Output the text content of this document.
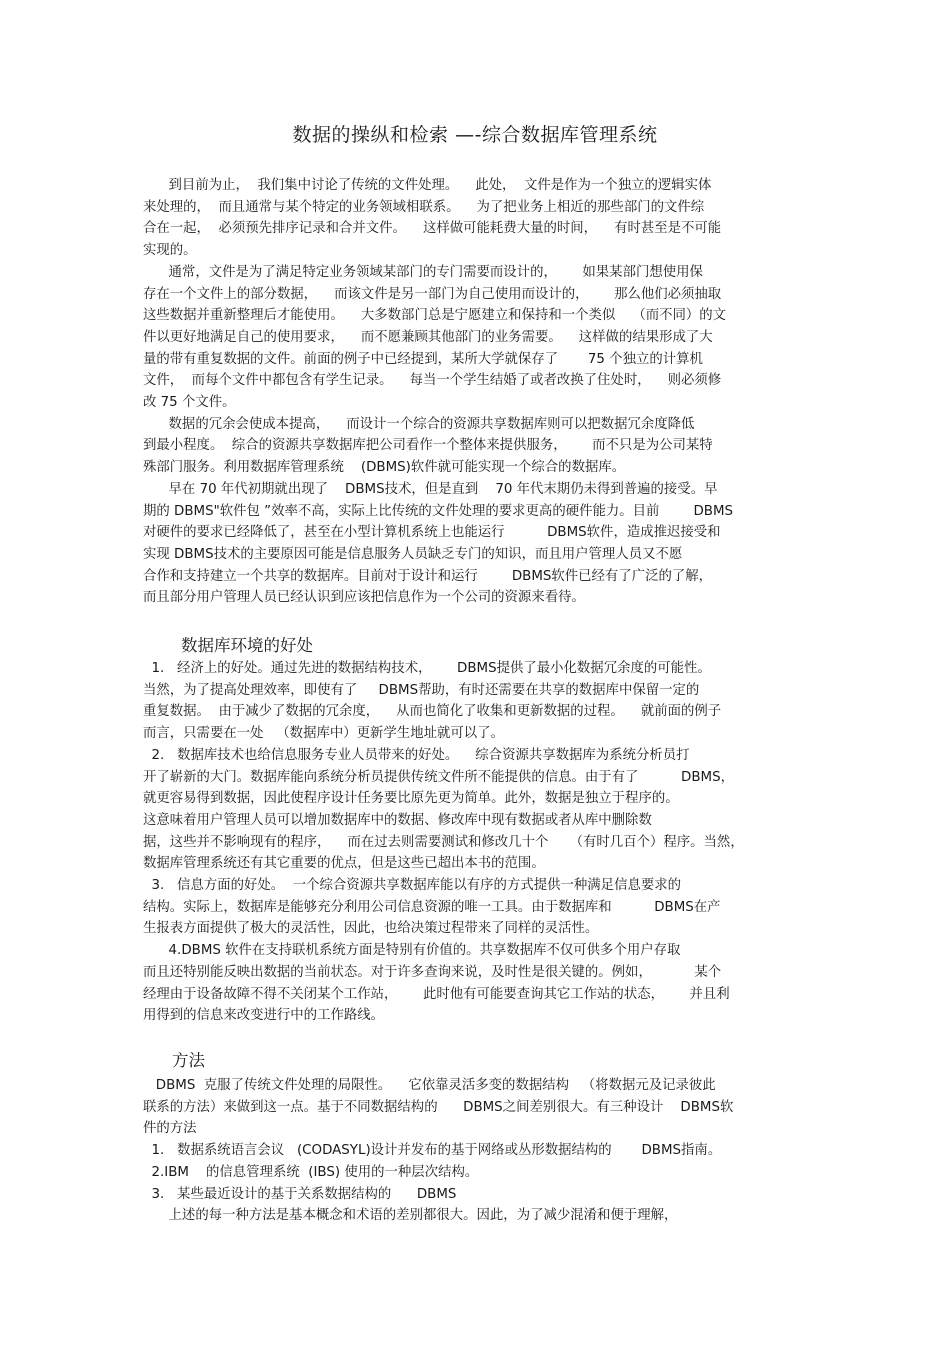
数据的操纵和检索 —-综合数据库管理系统
到目前为止，  我们集中讨论了传统的文件处理。    此处，  文件是作为一个独立的逻辑实体
来处理的，  而且通常与某个特定的业务领域相联系。    为了把业务上相近的那些部门的文件综
合在一起，  必须预先排序记录和合并文件。    这样做可能耗费大量的时间，    有时甚至是不可能
实现的。
通常，文件是为了满足特定业务领域某部门的专门需要而设计的，      如果某部门想使用保
存在一个文件上的部分数据，    而该文件是另一部门为自己使用而设计的，      那么他们必须抽取
这些数据并重新整理后才能使用。    大多数部门总是宁愿建立和保持和一个类似    （而不同）的文
件以更好地满足自己的使用要求，    而不愿兼顾其他部门的业务需要。    这样做的结果形成了大
量的带有重复数据的文件。前面的例子中已经提到，某所大学就保存了       75 个独立的计算机
文件，  而每个文件中都包含有学生记录。    每当一个学生结婚了或者改换了住处时，    则必须修
改 75 个文件。
数据的冗余会使成本提高，    而设计一个综合的资源共享数据库则可以把数据冗余度降低
到最小程度。  综合的资源共享数据库把公司看作一个整体来提供服务，      而不只是为公司某特
殊部门服务。利用数据库管理系统    (DBMS)软件就可能实现一个综合的数据库。
早在 70 年代初期就出现了    DBMS技术，但是直到    70 年代末期仍未得到普遍的接受。早
期的 DBMS"软件包 ”效率不高，实际上比传统的文件处理的要求更高的硬件能力。目前        DBMS
对硬件的要求已经降低了，甚至在小型计算机系统上也能运行          DBMS软件，造成推迟接受和
实现 DBMS技术的主要原因可能是信息服务人员缺乏专门的知识，而且用户管理人员又不愿
合作和支持建立一个共享的数据库。目前对于设计和运行        DBMS软件已经有了广泛的了解，
而且部分用户管理人员已经认识到应该把信息作为一个公司的资源来看待。
数据库环境的好处
1.   经济上的好处。通过先进的数据结构技术，      DBMS提供了最小化数据冗余度的可能性。
当然，为了提高处理效率，即使有了     DBMS帮助，有时还需要在共享的数据库中保留一定的
重复数据。  由于减少了数据的冗余度，    从而也简化了收集和更新数据的过程。    就前面的例子
而言，只需要在一处   （数据库中）更新学生地址就可以了。
2.   数据库技术也给信息服务专业人员带来的好处。    综合资源共享数据库为系统分析员打
开了崭新的大门。数据库能向系统分析员提供传统文件所不能提供的信息。由于有了          DBMS，
就更容易得到数据，因此使程序设计任务要比原先更为简单。此外，数据是独立于程序的。
这意味着用户管理人员可以增加数据库中的数据、修改库中现有数据或者从库中删除数
据，这些并不影响现有的程序，    而在过去则需要测试和修改几十个     （有时几百个）程序。当然，
数据库管理系统还有其它重要的优点，但是这些已超出本书的范围。
3.   信息方面的好处。  一个综合资源共享数据库能以有序的方式提供一种满足信息要求的
结构。实际上，数据库是能够充分利用公司信息资源的唯一工具。由于数据库和          DBMS在产
生报表方面提供了极大的灵活性，因此，也给决策过程带来了同样的灵活性。
4.DBMS 软件在支持联机系统方面是特别有价值的。共享数据库不仅可供多个用户存取
而且还特别能反映出数据的当前状态。对于许多查询来说，及时性是很关键的。例如，          某个
经理由于设备故障不得不关闭某个工作站，      此时他有可能要查询其它工作站的状态，      并且利
用得到的信息来改变进行中的工作路线。
方法
DBMS  克服了传统文件处理的局限性。    它依靠灵活多变的数据结构   （将数据元及记录彼此
联系的方法）来做到这一点。基于不同数据结构的      DBMS之间差别很大。有三种设计    DBMS软
件的方法
1.   数据系统语言会议   (CODASYL)设计并发布的基于网络或丛形数据结构的       DBMS指南。
2.IBM    的信息管理系统  (IBS) 使用的一种层次结构。
3.   某些最近设计的基于关系数据结构的      DBMS
上述的每一种方法是基本概念和术语的差别都很大。因此，为了减少混淆和便于理解，
